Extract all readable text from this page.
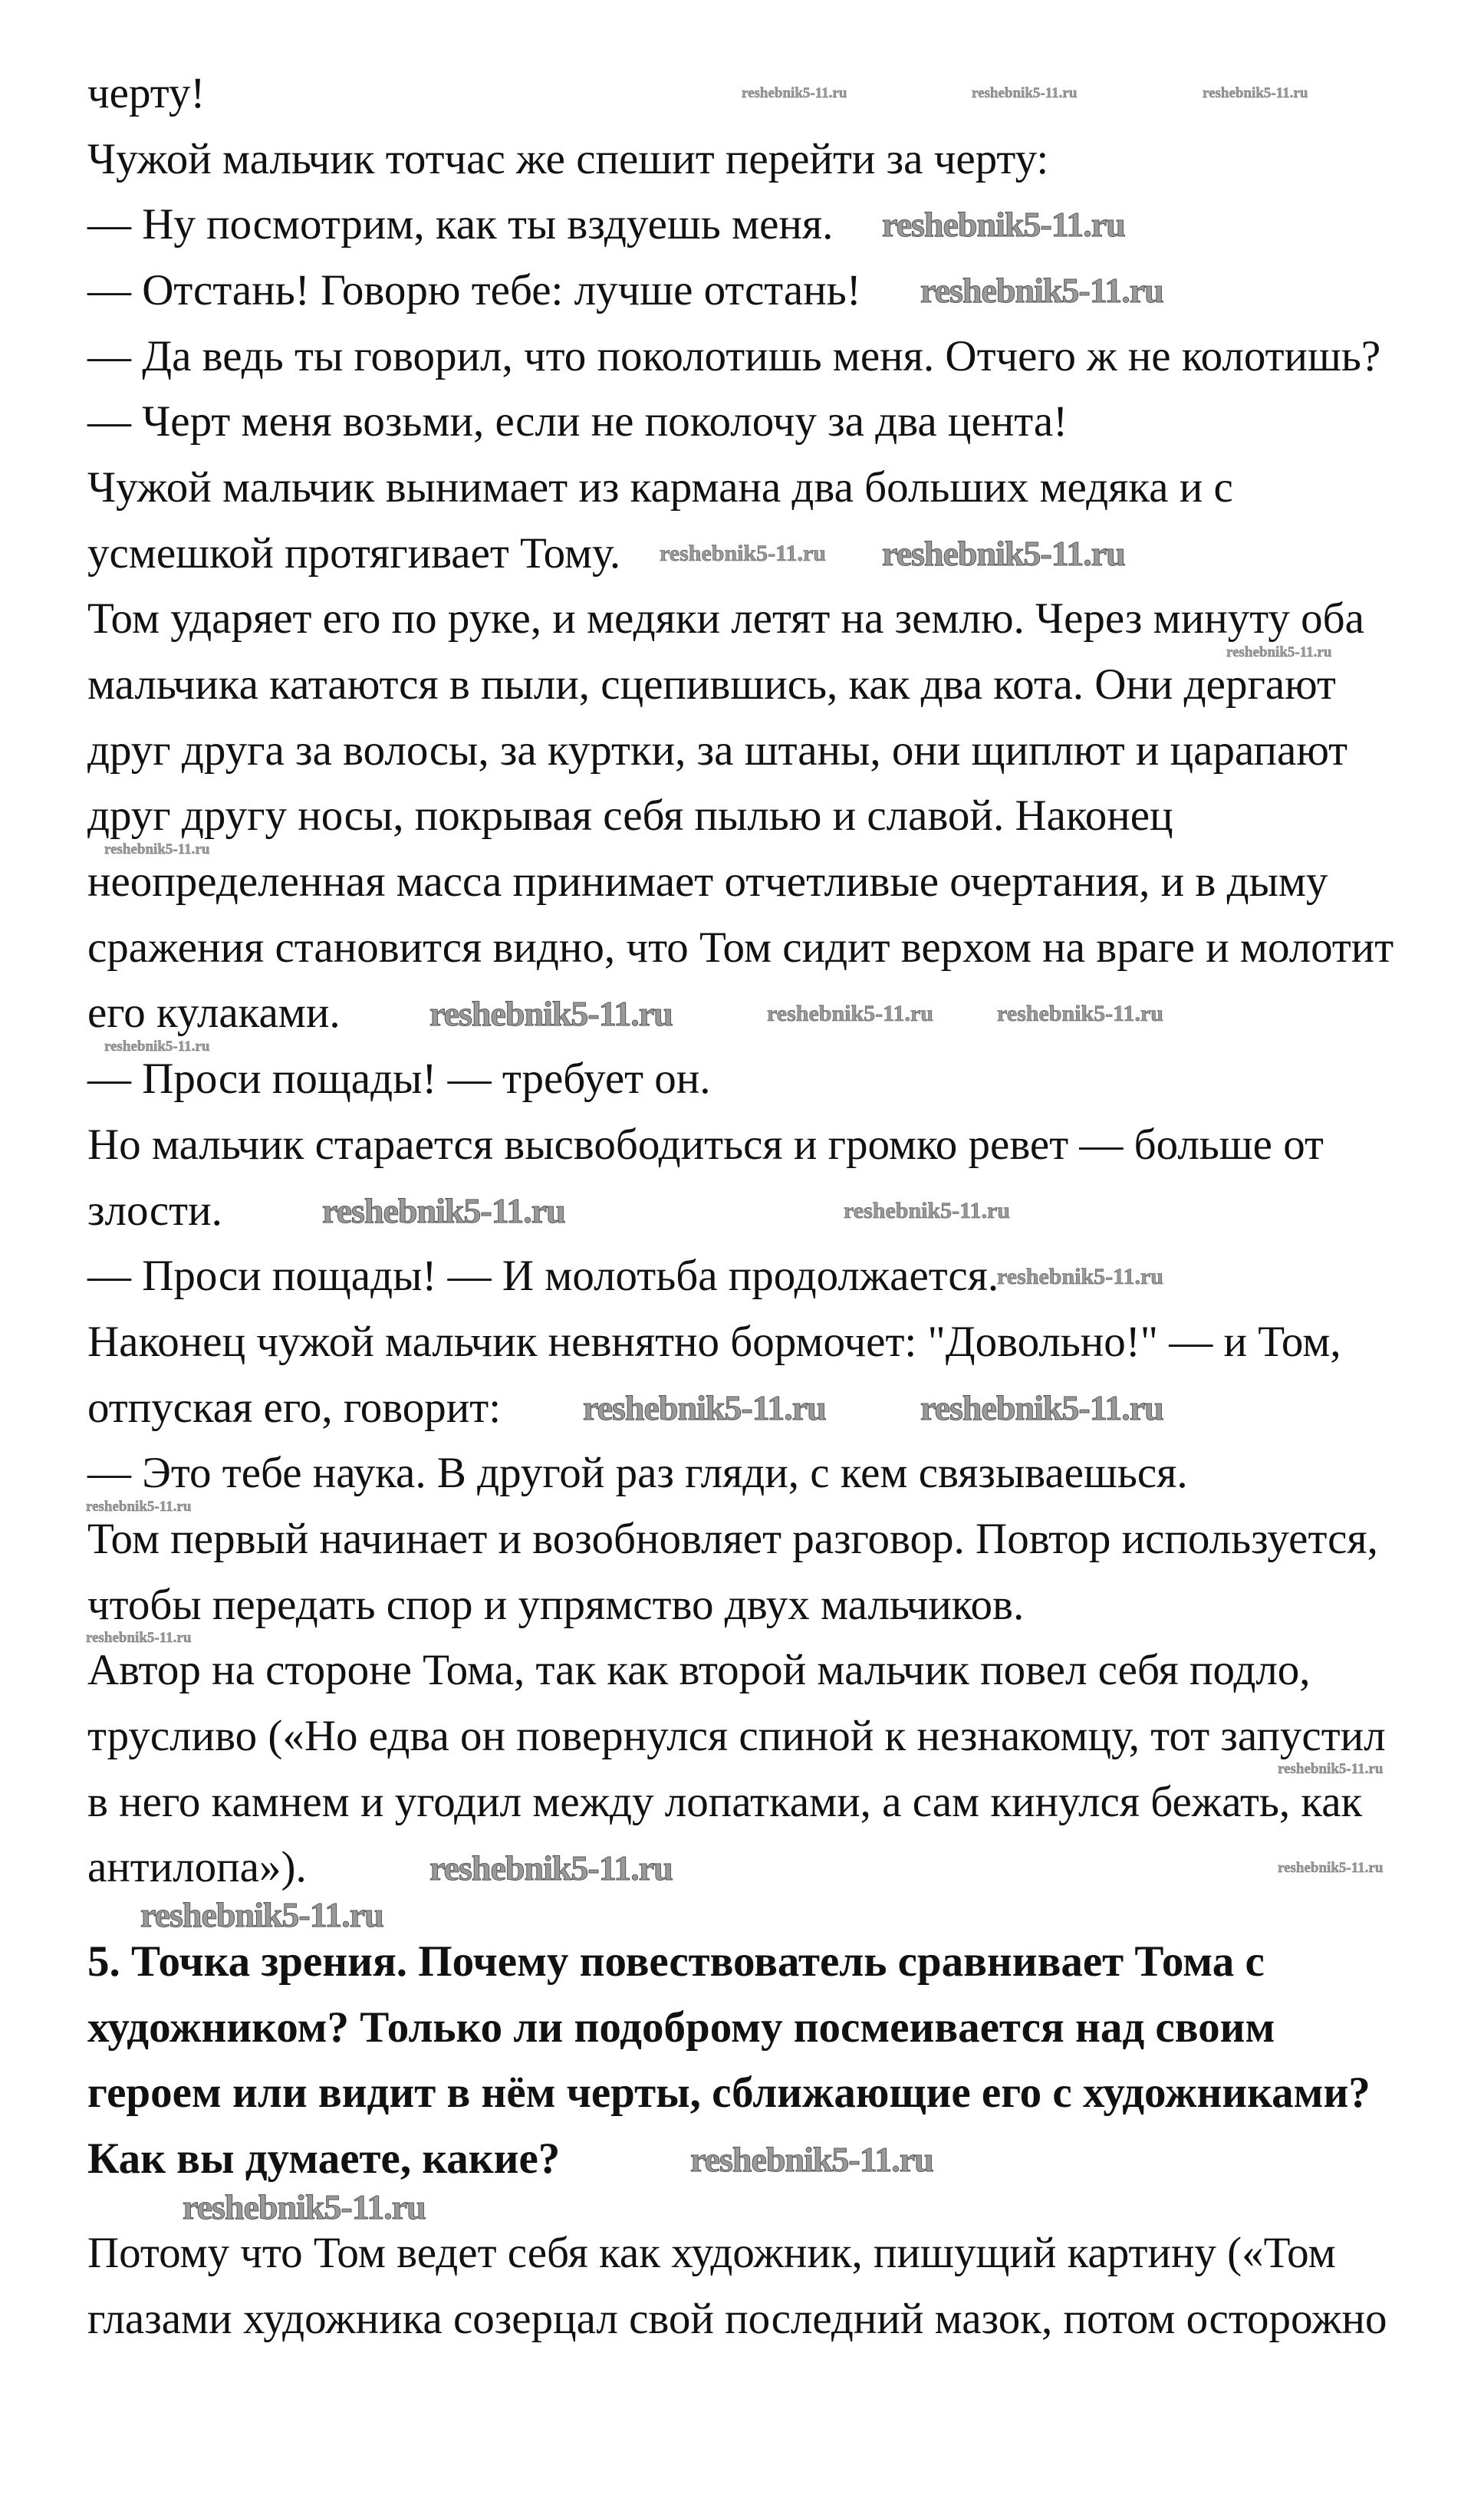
черту!
Чужой мальчик тотчас же спешит перейти за черту:
— Ну посмотрим, как ты вздуешь меня.
— Отстань! Говорю тебе: лучше отстань!
— Да ведь ты говорил, что поколотишь меня. Отчего ж не колотишь?
— Черт меня возьми, если не поколочу за два цента!
Чужой мальчик вынимает из кармана два больших медяка и с
усмешкой протягивает Тому.
Том ударяет его по руке, и медяки летят на землю. Через минуту оба
мальчика катаются в пыли, сцепившись, как два кота. Они дергают
друг друга за волосы, за куртки, за штаны, они щиплют и царапают
друг другу носы, покрывая себя пылью и славой. Наконец
неопределенная масса принимает отчетливые очертания, и в дыму
сражения становится видно, что Том сидит верхом на враге и молотит
его кулаками.
— Проси пощады! — требует он.
Но мальчик старается высвободиться и громко ревет — больше от
злости.
— Проси пощады! — И молотьба продолжается.
Наконец чужой мальчик невнятно бормочет: "Довольно!" — и Том,
отпуская его, говорит:
— Это тебе наука. В другой раз гляди, с кем связываешься.
Том первый начинает и возобновляет разговор. Повтор используется,
чтобы передать спор и упрямство двух мальчиков.
Автор на стороне Тома, так как второй мальчик повел себя подло,
трусливо («Но едва он повернулся спиной к незнакомцу, тот запустил
в него камнем и угодил между лопатками, а сам кинулся бежать, как
антилопа»).
5. Точка зрения. Почему повествователь сравнивает Тома с
художником? Только ли подоброму посмеивается над своим
героем или видит в нём черты, сближающие его с художниками?
Как вы думаете, какие?
Потому что Том ведет себя как художник, пишущий картину («Том
глазами художника созерцал свой последний мазок, потом осторожно
reshebnik5-11.ru	reshebnik5-11.ru	reshebnik5-11.ru
reshebnik5-11.ru
reshebnik5-11.ru
reshebnik5-11.ru reshebnik5-11.ru
reshebnik5-11.ru
reshebnik5-11.ru
reshebnik5-11.ru	reshebnik5-11.ru	reshebnik5-11.ru
reshebnik5-11.ru
reshebnik5-11.ru	reshebnik5-11.ru
reshebnik5-11.ru
reshebnik5-11.ru
reshebnik5-11.ru	reshebnik5-11.ru
reshebnik5-11.ru
reshebnik5-11.ru
reshebnik5-11.ru	reshebnik5-11.ru
reshebnik5-11.ru
reshebnik5-11.ru
reshebnik5-11.ru
